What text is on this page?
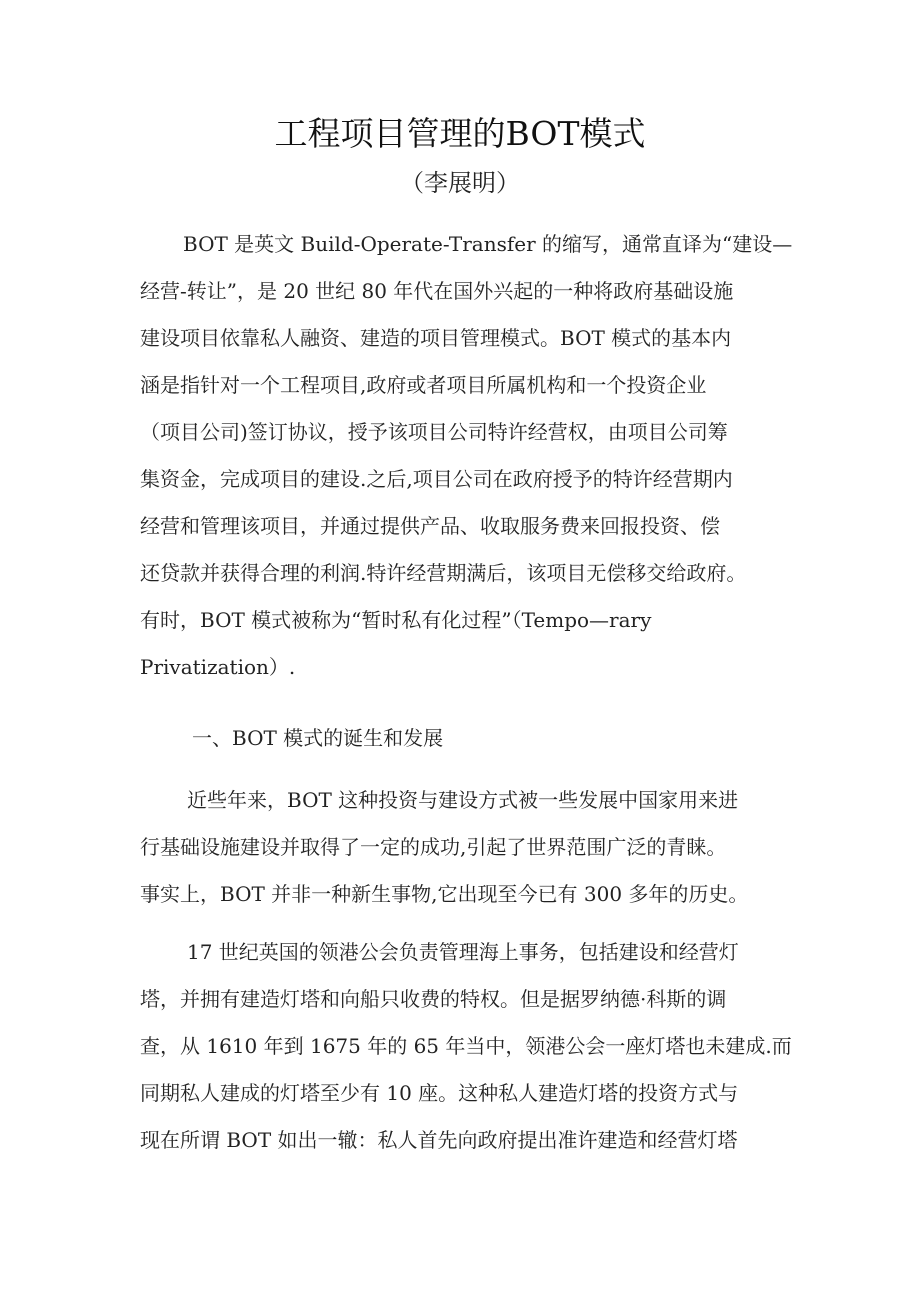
工程项目管理的BOT模式
（李展明）
BOT 是英文 Build-Operate-Transfer 的缩写，通常直译为“建设—
经营-转让”，是 20 世纪 80 年代在国外兴起的一种将政府基础设施
建设项目依靠私人融资、建造的项目管理模式。BOT 模式的基本内
涵是指针对一个工程项目,政府或者项目所属机构和一个投资企业
（项目公司)签订协议，授予该项目公司特许经营权，由项目公司筹
集资金，完成项目的建设.之后,项目公司在政府授予的特许经营期内
经营和管理该项目，并通过提供产品、收取服务费来回报投资、偿
还贷款并获得合理的利润.特许经营期满后，该项目无偿移交给政府。
有时，BOT 模式被称为“暂时私有化过程”（Tempo—rary
Privatization）.
一、BOT 模式的诞生和发展
近些年来，BOT 这种投资与建设方式被一些发展中国家用来进
行基础设施建设并取得了一定的成功,引起了世界范围广泛的青睐。
事实上，BOT 并非一种新生事物,它出现至今已有 300 多年的历史。
17 世纪英国的领港公会负责管理海上事务，包括建设和经营灯
塔，并拥有建造灯塔和向船只收费的特权。但是据罗纳德·科斯的调
查，从 1610 年到 1675 年的 65 年当中，领港公会一座灯塔也未建成.而
同期私人建成的灯塔至少有 10 座。这种私人建造灯塔的投资方式与
现在所谓 BOT 如出一辙：私人首先向政府提出准许建造和经营灯塔
